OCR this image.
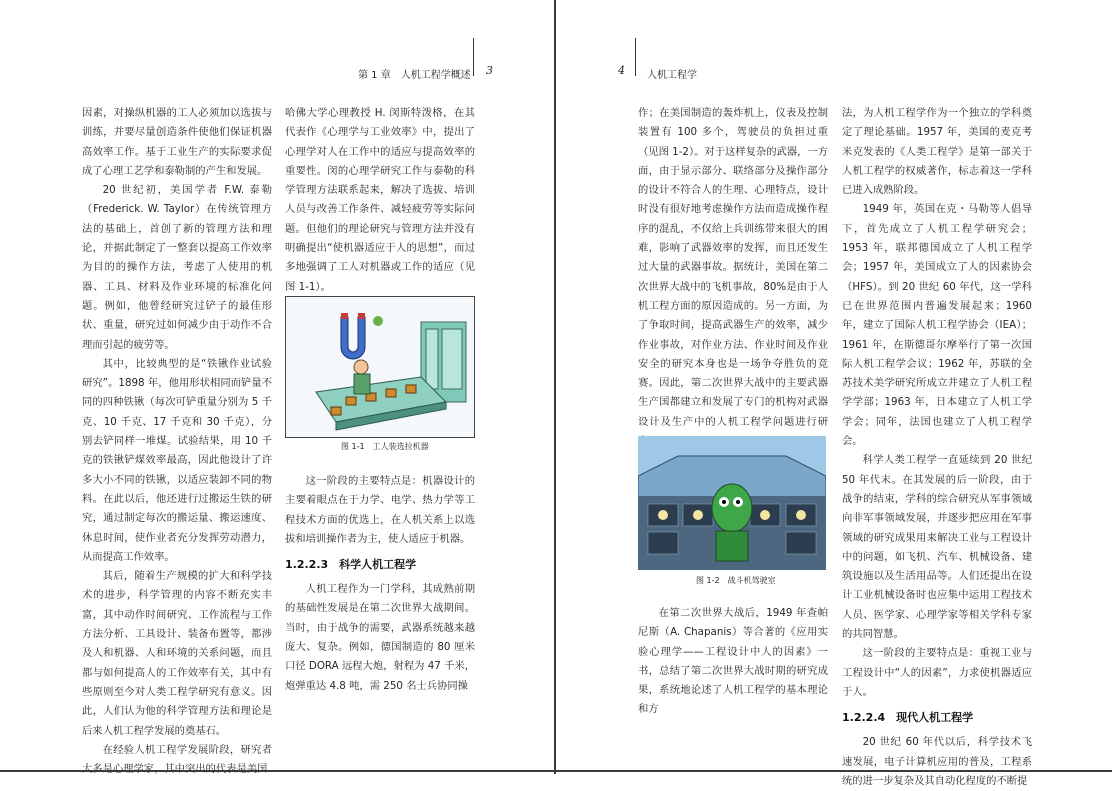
第 1 章　人机工程学概述 3

因素，对操纵机器的工人必须加以选拔与训练，并要尽量创造条件使他们保证机器高效率工作。基于工业生产的实际要求促成了心理工艺学和泰勒制的产生和发展。

20 世纪初，美国学者 F.W. 泰勒（Frederick. W. Taylor）在传统管理方法的基础上，首创了新的管理方法和理论，并据此制定了一整套以提高工作效率为目的的操作方法，考虑了人使用的机器、工具、材料及作业环境的标准化问题。例如，他曾经研究过铲子的最佳形状、重量，研究过如何减少由于动作不合理而引起的疲劳等。

其中，比较典型的是“铁锹作业试验研究”。1898 年，他用形状相同而铲量不同的四种铁锹（每次可铲重量分别为 5 千克、10 千克、17 千克和 30 千克），分别去铲同样一堆煤。试验结果，用 10 千克的铁锹铲煤效率最高，因此他设计了许多大小不同的铁锹，以适应装卸不同的物料。在此以后，他还进行过搬运生铁的研究，通过制定每次的搬运量、搬运速度、休息时间，使作业者充分发挥劳动潜力，从而提高工作效率。

其后，随着生产规模的扩大和科学技术的进步，科学管理的内容不断充实丰富，其中动作时间研究、工作流程与工作方法分析、工具设计、装备布置等，都涉及人和机器、人和环境的关系问题，而且都与如何提高人的工作效率有关，其中有些原则至今对人类工程学研究有意义。因此，人们认为他的科学管理方法和理论是后来人机工程学发展的奠基石。

在经验人机工程学发展阶段，研究者

哈佛大学心理教授 H. 闵斯特泼格，在其代表作《心理学与工业效率》中，提出了心理学对人在工作中的适应与提高效率的重要性。闵的心理学研究工作与泰勒的科学管理方法联系起来，解决了选拔、培训人员与改善工作条件、减轻疲劳等实际问题。但他们的理论研究与管理方法并没有明确提出“使机器适应于人的思想”，而过多地强调了工人对机器或工作的适应（见图 1-1）。

图 1-1　工人装选拉机器

这一阶段的主要特点是：机器设计的主要着眼点在于力学、电学、热力学等工程技术方面的优选上，在人机关系上以选拔和培训操作者为主，使人适应于机器。

1.2.2.3　科学人机工程学

人机工程作为一门学科，其成熟前期的基础性发展是在第二次世界大战期间。当时，由于战争的需要，武器系统越来越庞大、复杂。例如，德国制造的 80 厘米口径 DORA 远程大炮，射程为 47 千米，炮弹重达 4.8 吨，需 250 名士兵协同操

4 人机工程学

作；在美国制造的轰炸机上，仪表及控制装置有 100 多个，驾驶员的负担过重（见图 1-2）。对于这样复杂的武器，一方面，由于显示部分、联络部分及操作部分的设计不符合人的生理、心理特点，设计时没有很好地考虑操作方法而造成操作程序的混乱，不仅给上兵训练带来很大的困难，影响了武器效率的发挥，而且还发生过大量的武器事故。据统计，美国在第二次世界大战中的飞机事故，80%是由于人机工程方面的原因造成的。另一方面，为了争取时间，提高武器生产的效率，减少作业事故，对作业方法、作业时间及作业安全的研究本身也是一场争夺胜负的竞赛。因此，第二次世界大战中的主要武器生产国都建立和发展了专门的机构对武器设计及生产中的人机工程学问题进行研

图 1-2　战斗机驾驶室

在第二次世界大战后，1949 年查帕尼斯（A. Chapanis）等合著的《应用实验心理学——工程设计中人的因素》一书，总结了第二次世界大战时期的研究成果，系统地论述了人机工程学的基本理论和方

法，为人机工程学作为一个独立的学科奠定了理论基础。1957 年，美国的麦克考米克发表的《人类工程学》是第一部关于人机工程学的权威著作，标志着这一学科已进入成熟阶段。

1949 年，英国在克・马勒等人倡导下，首先成立了人机工程学研究会；1953 年，联邦德国成立了人机工程学会；1957 年，美国成立了人的因素协会（HFS）。到 20 世纪 60 年代，这一学科已在世界范围内普遍发展起来；1960 年，建立了国际人机工程学协会（IEA）；1961 年，在斯德哥尔摩举行了第一次国际人机工程学会议；1962 年，苏联的全苏技术美学研究所成立并建立了人机工程学学部；1963 年，日本建立了人机工学学会；同年，法国也建立了人机工程学会。

科学人类工程学一直延续到 20 世纪 50 年代末。在其发展的后一阶段，由于战争的结束，学科的综合研究从军事领域向非军事领域发展，并逐步把应用在军事领域的研究成果用来解决工业与工程设计中的问题，如飞机、汽车、机械设备、建筑设施以及生活用品等。人们还提出在设计工业机械设备时也应集中运用工程技术人员、医学家、心理学家等相关学科专家的共同智慧。

这一阶段的主要特点是：重视工业与工程设计中“人的因素”，力求使机器适应于人。

1.2.2.4　现代人机工程学

20 世纪 60 年代以后，科学技术飞速发展，电子计算机应用的普及，工程系统的进一步复杂及其自动化程度的不断提
